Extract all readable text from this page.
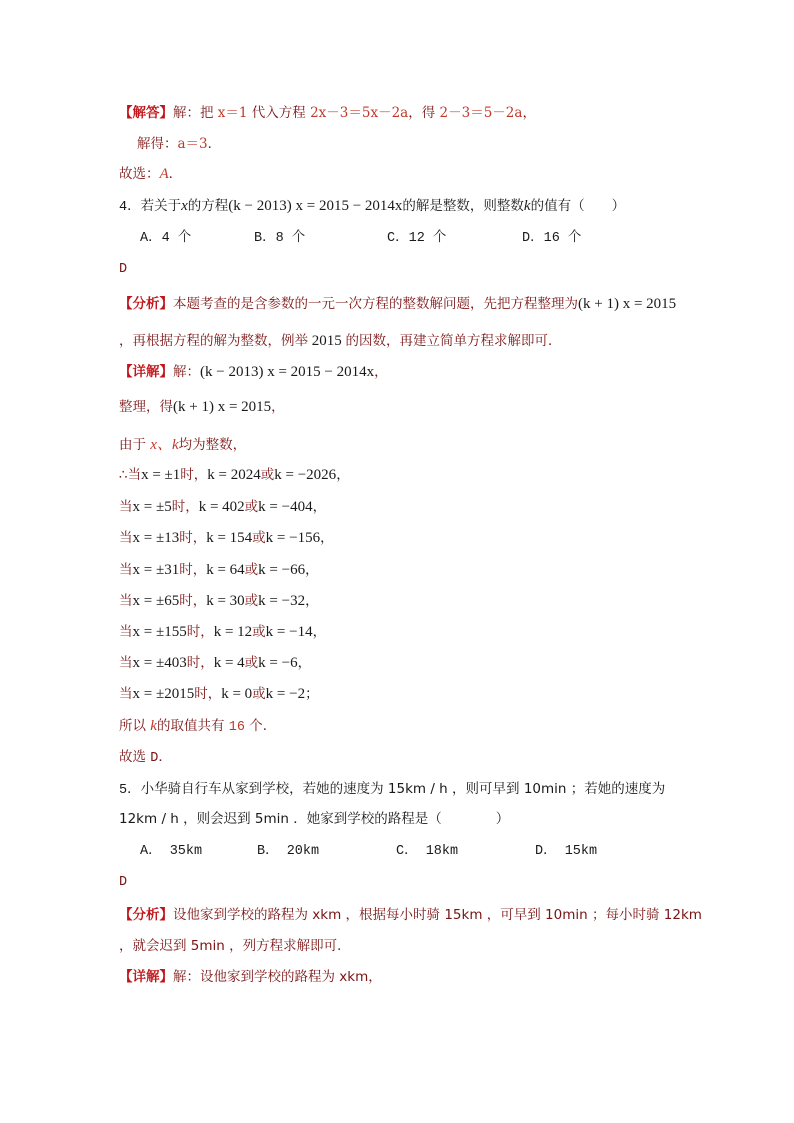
【解答】解：把 x＝1 代入方程 2x－3＝5x－2a，得 2－3＝5－2a，
解得：a＝3．
故选：A．
4．若关于x的方程(k − 2013) x = 2015 − 2014x的解是整数，则整数k的值有（　　）
A．4 个	B．8 个	C．12 个	D．16 个
D
【分析】本题考查的是含参数的一元一次方程的整数解问题，先把方程整理为(k + 1) x = 2015
，再根据方程的解为整数，例举 2015 的因数，再建立简单方程求解即可．
【详解】解：(k − 2013) x = 2015 − 2014x，
整理，得(k + 1) x = 2015，
由于 x、k均为整数，
∴当x = ±1时，k = 2024或k = −2026，
当x = ±5时，k = 402或k = −404，
当x = ±13时，k = 154或k = −156，
当x = ±31时，k = 64或k = −66，
当x = ±65时，k = 30或k = −32，
当x = ±155时，k = 12或k = −14，
当x = ±403时，k = 4或k = −6，
当x = ±2015时，k = 0或k = −2；
所以 k的取值共有 16 个．
故选 D．
5．小华骑自行车从家到学校，若她的速度为 15km / h ，则可早到 10min ；若她的速度为
12km / h ，则会迟到 5min ．她家到学校的路程是（　　　　）
A． 35km	B． 20km	C． 18km	D． 15km
D
【分析】设他家到学校的路程为 xkm ，根据每小时骑 15km ，可早到 10min ；每小时骑 12km
，就会迟到 5min ，列方程求解即可．
【详解】解：设他家到学校的路程为 xkm，
